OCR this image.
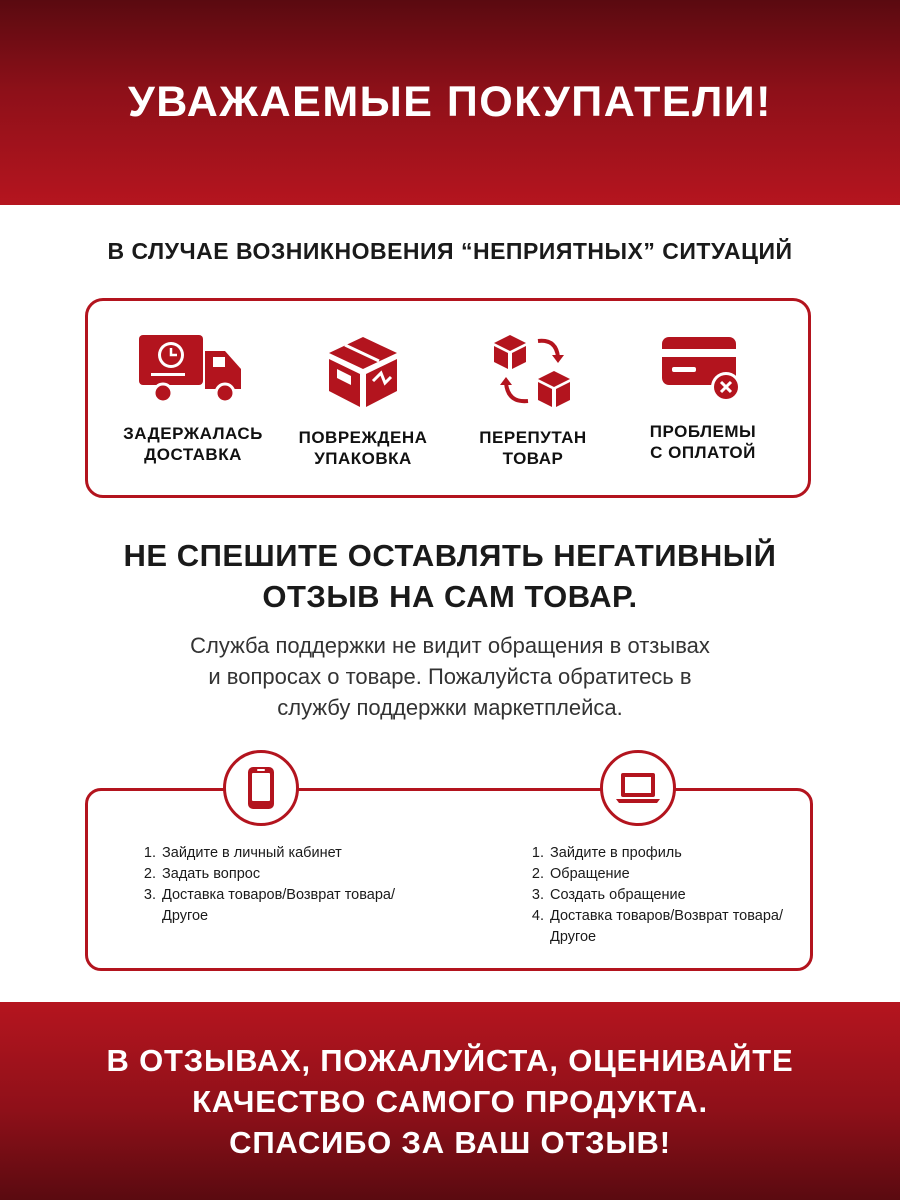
УВАЖАЕМЫЕ ПОКУПАТЕЛИ!
В СЛУЧАЕ ВОЗНИКНОВЕНИЯ “НЕПРИЯТНЫХ” СИТУАЦИЙ
ЗАДЕРЖАЛАСЬ
ДОСТАВКА
ПОВРЕЖДЕНА
УПАКОВКА
ПЕРЕПУТАН
ТОВАР
ПРОБЛЕМЫ
С ОПЛАТОЙ
НЕ СПЕШИТЕ ОСТАВЛЯТЬ НЕГАТИВНЫЙ
ОТЗЫВ НА САМ ТОВАР.
Служба поддержки не видит обращения в отзывах
и вопросах о товаре. Пожалуйста обратитесь в
службу поддержки маркетплейса.
1. Зайдите в личный кабинет
2. Задать вопрос
3. Доставка товаров/Возврат товара/Другое
1. Зайдите в профиль
2. Обращение
3. Создать обращение
4. Доставка товаров/Возврат товара/Другое

В ОТЗЫВАХ, ПОЖАЛУЙСТА, ОЦЕНИВАЙТЕ
КАЧЕСТВО САМОГО ПРОДУКТА.
СПАСИБО ЗА ВАШ ОТЗЫВ!
